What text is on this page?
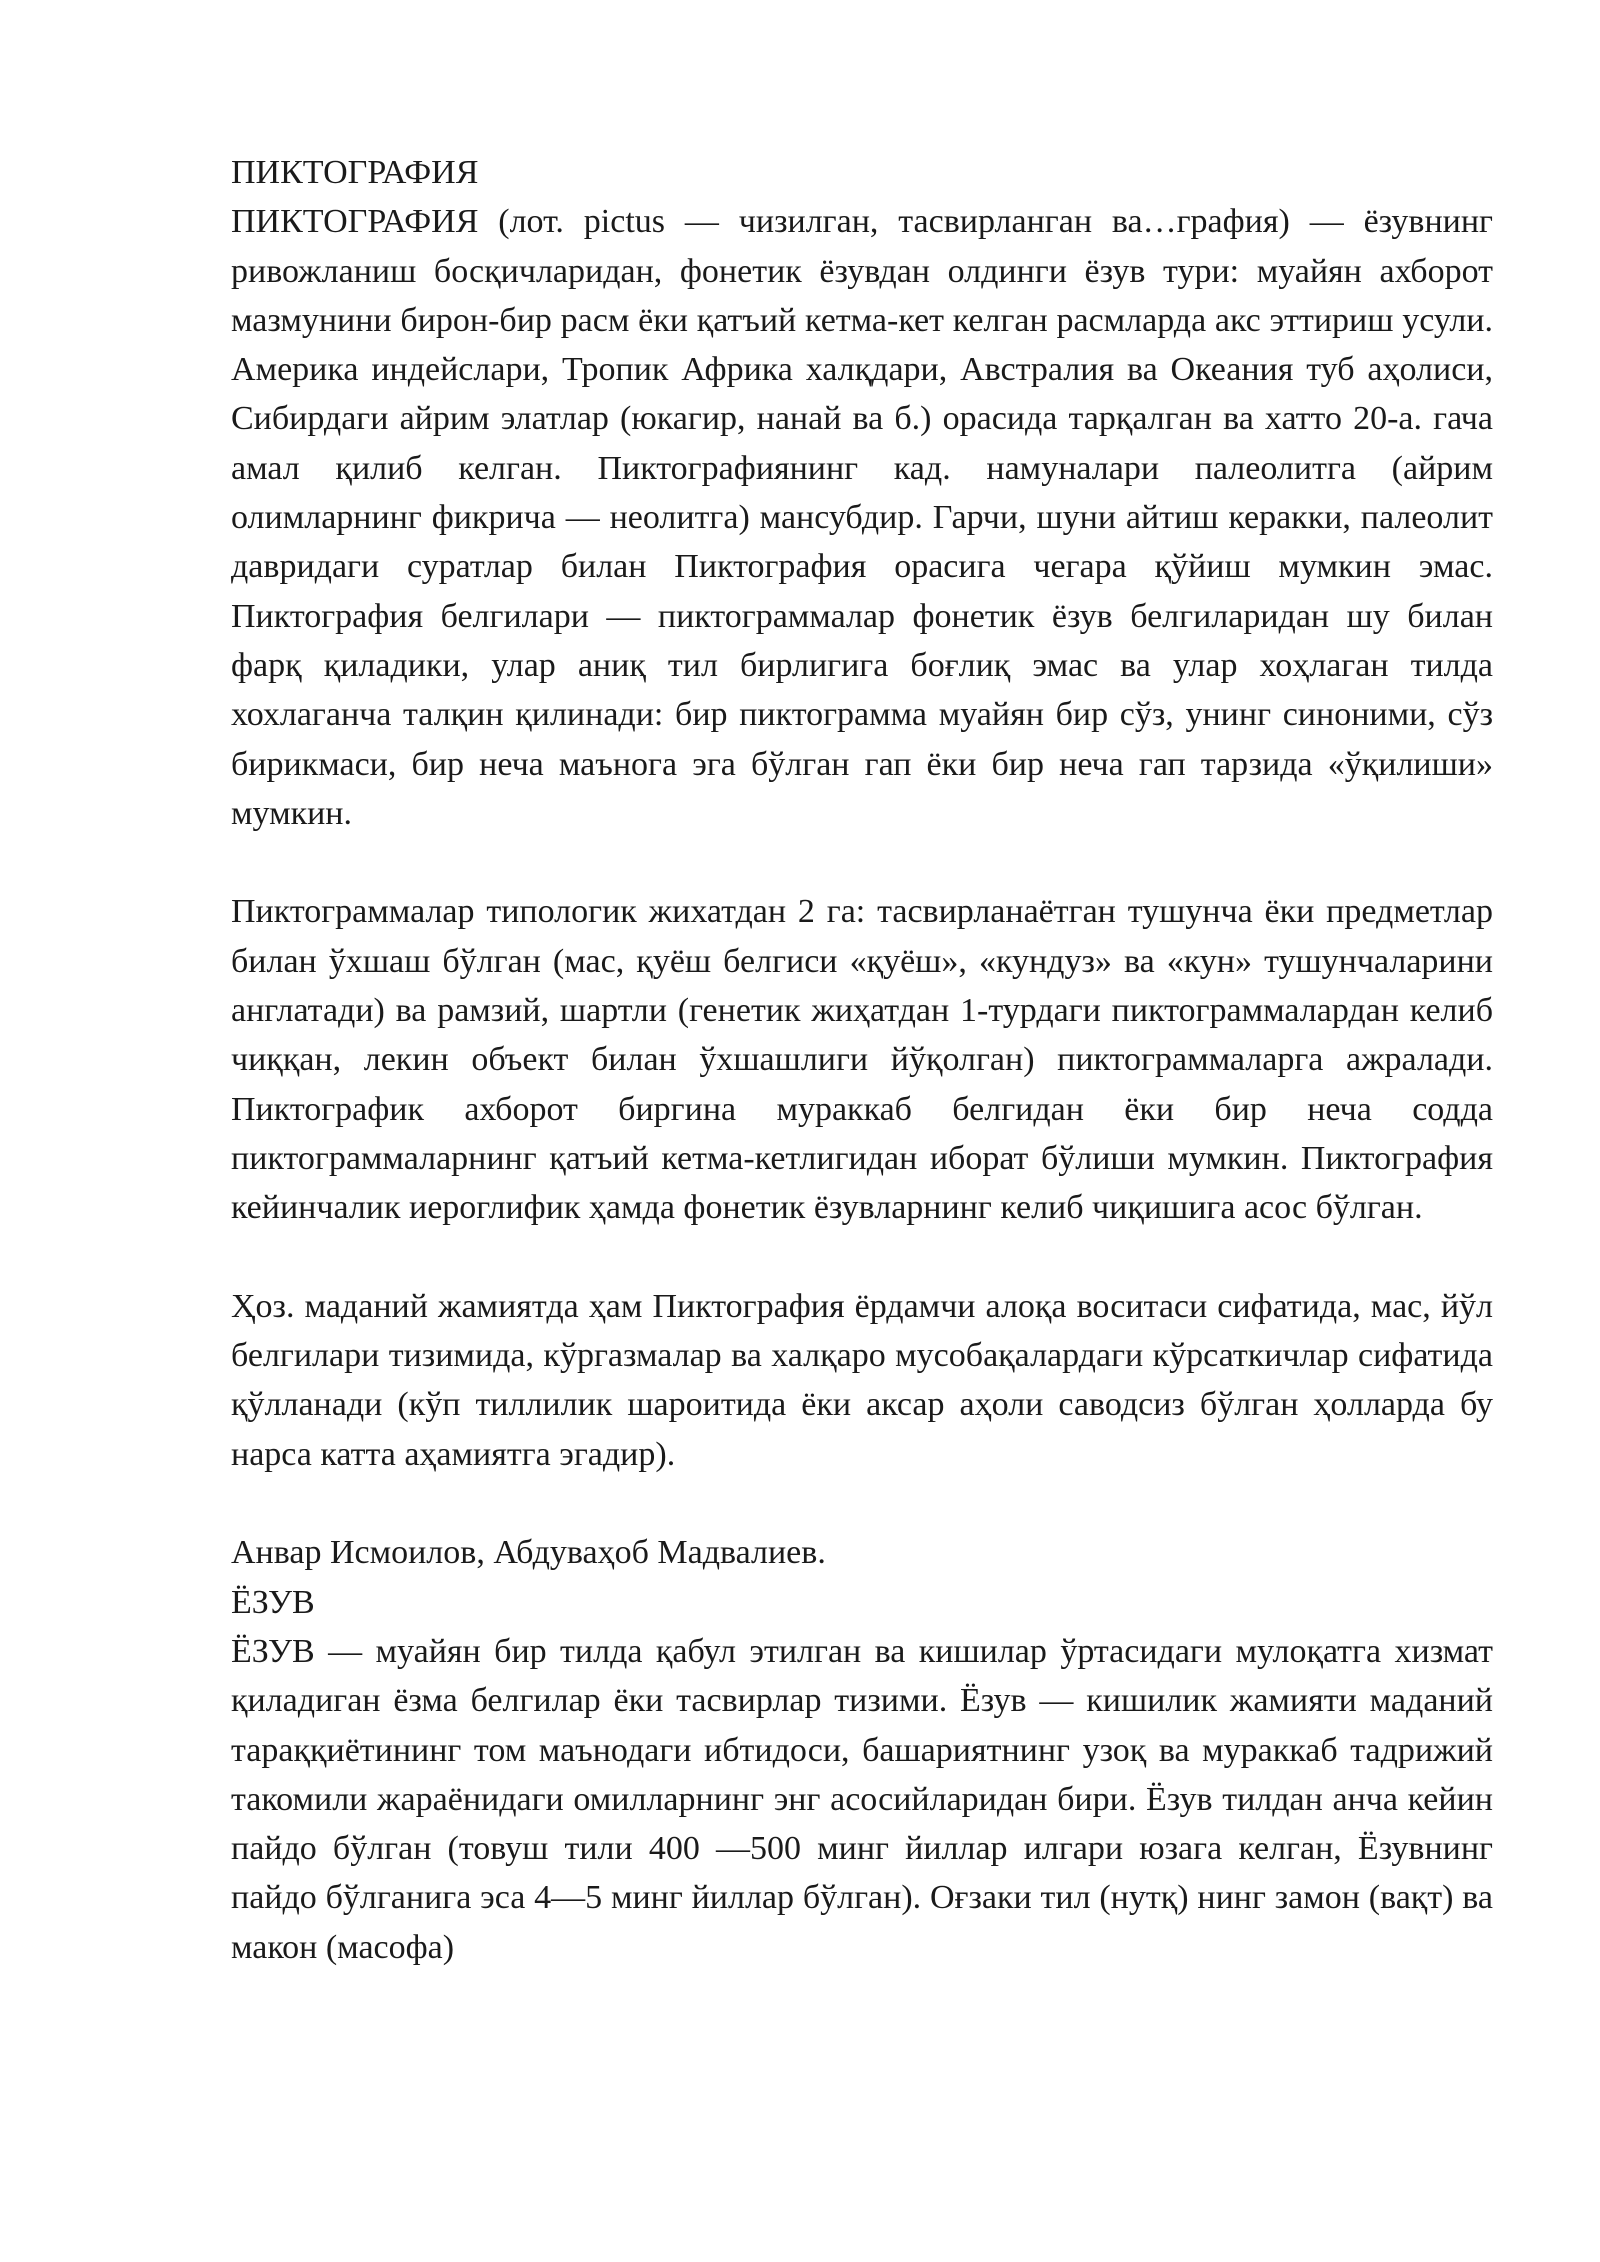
ПИКТОГРАФИЯ

ПИКТОГРАФИЯ (лот. pictus — чизилган, тасвирланган ва…графия) — ёзувнинг ривожланиш босқичларидан, фонетик ёзувдан олдинги ёзув тури: муайян ахборот мазмунини бирон-бир расм ёки қатъий кетма-кет келган расмларда акс эттириш усули. Америка индейслари, Тропик Африка халқдари, Австралия ва Океания туб аҳолиси, Сибирдаги айрим элатлар (юкагир, нанай ва б.) орасида тарқалган ва хатто 20-а. гача амал қилиб келган. Пиктографиянинг кад. намуналари палеолитга (айрим олимларнинг фикрича — неолитга) мансубдир. Гарчи, шуни айтиш керакки, палеолит давридаги суратлар билан Пиктография орасига чегара қўйиш мумкин эмас. Пиктография белгилари — пиктограммалар фонетик ёзув белгиларидан шу билан фарқ қиладики, улар аниқ тил бирлигига боғлиқ эмас ва улар хоҳлаган тилда хохлаганча талқин қилинади: бир пиктограмма муайян бир сўз, унинг синоними, сўз бирикмаси, бир неча маънога эга бўлган гап ёки бир неча гап тарзида «ўқилиши» мумкин.

Пиктограммалар типологик жихатдан 2 га: тасвирланаётган тушунча ёки предметлар билан ўхшаш бўлган (мас, қуёш белгиси «қуёш», «кундуз» ва «кун» тушунчаларини англатади) ва рамзий, шартли (генетик жиҳатдан 1-турдаги пиктограммалардан келиб чиққан, лекин объект билан ўхшашлиги йўқолган) пиктограммаларга ажралади. Пиктографик ахборот биргина мураккаб белгидан ёки бир неча содда пиктограммаларнинг қатъий кетма-кетлигидан иборат бўлиши мумкин. Пиктография кейинчалик иероглифик ҳамда фонетик ёзувларнинг келиб чиқишига асос бўлган.

Ҳоз. маданий жамиятда ҳам Пиктография ёрдамчи алоқа воситаси сифатида, мас, йўл белгилари тизимида, кўргазмалар ва халқаро мусобақалардаги кўрсаткичлар сифатида қўлланади (кўп тиллилик шароитида ёки аксар аҳоли саводсиз бўлган ҳолларда бу нарса катта аҳамиятга эгадир).

Анвар Исмоилов, Абдуваҳоб Мадвалиев.
ЁЗУВ

ЁЗУВ — муайян бир тилда қабул этилган ва кишилар ўртасидаги мулоқатга хизмат қиладиган ёзма белгилар ёки тасвирлар тизими. Ёзув — кишилик жамияти маданий тараққиётининг том маънодаги ибтидоси, башариятнинг узоқ ва мураккаб тадрижий такомили жараёнидаги омилларнинг энг асосийларидан бири. Ёзув тилдан анча кейин пайдо бўлган (товуш тили 400 —500 минг йиллар илгари юзага келган, Ёзувнинг пайдо бўлганига эса 4—5 минг йиллар бўлган). Оғзаки тил (нутқ) нинг замон (вақт) ва макон (масофа)
